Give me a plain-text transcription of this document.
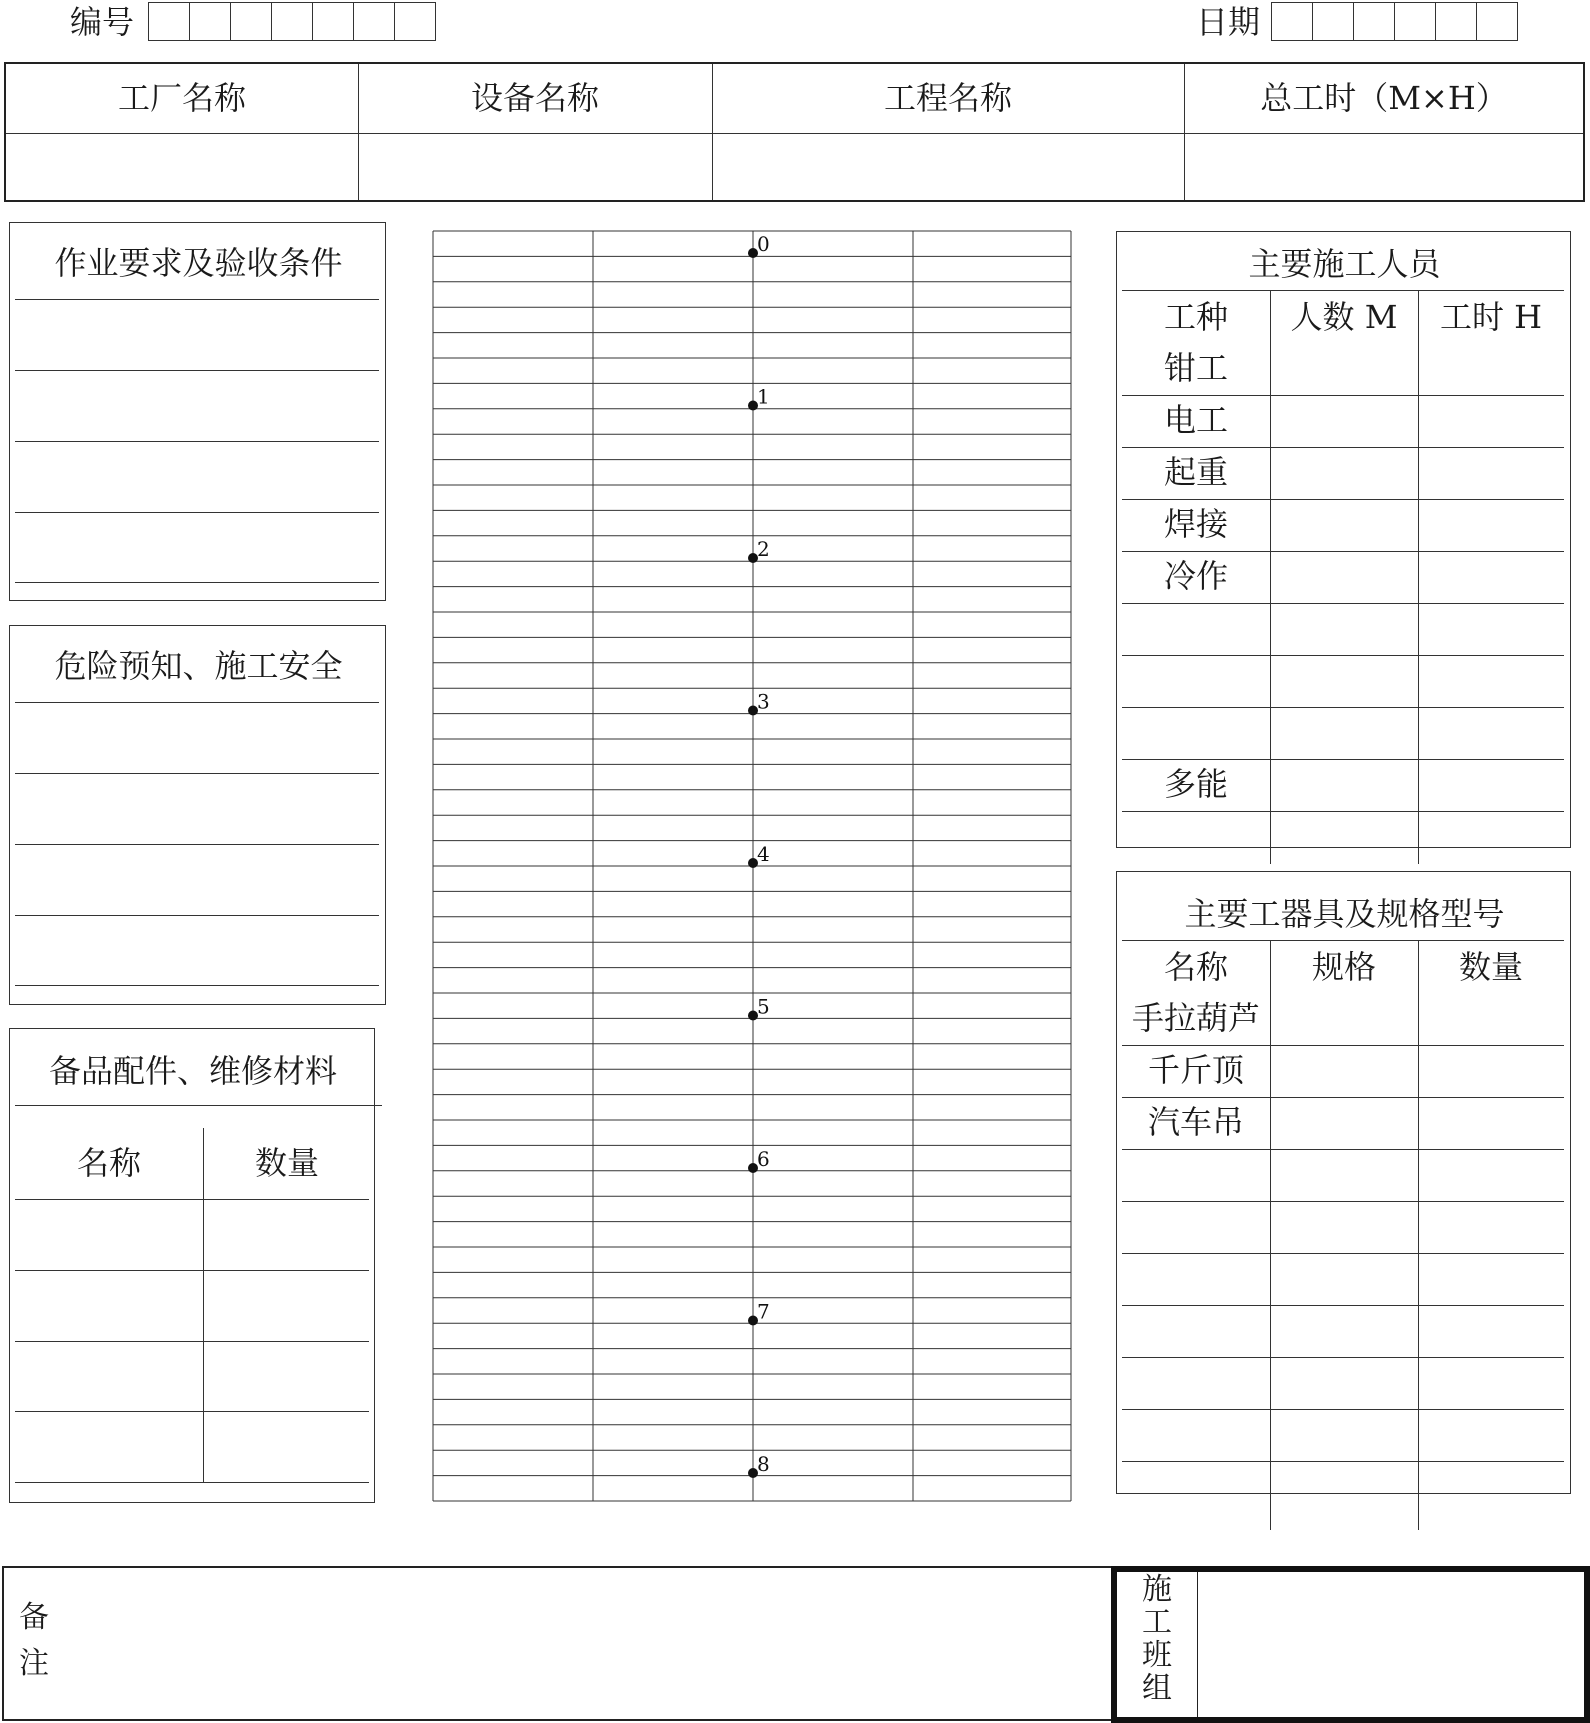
编号	日期
工厂名称	设备名称	工程名称	总工时（M×H）
作业要求及验收条件
危险预知、施工安全
备品配件、维修材料
名称	数量
0
1
2
3
4
5
6
7
8
主要施工人员
工种	人数 M	工时 H
钳工
电工
起重
焊接
冷作
多能
主要工器具及规格型号
名称	规格	数量
手拉葫芦
千斤顶
汽车吊
备
注
施
工
班
组
